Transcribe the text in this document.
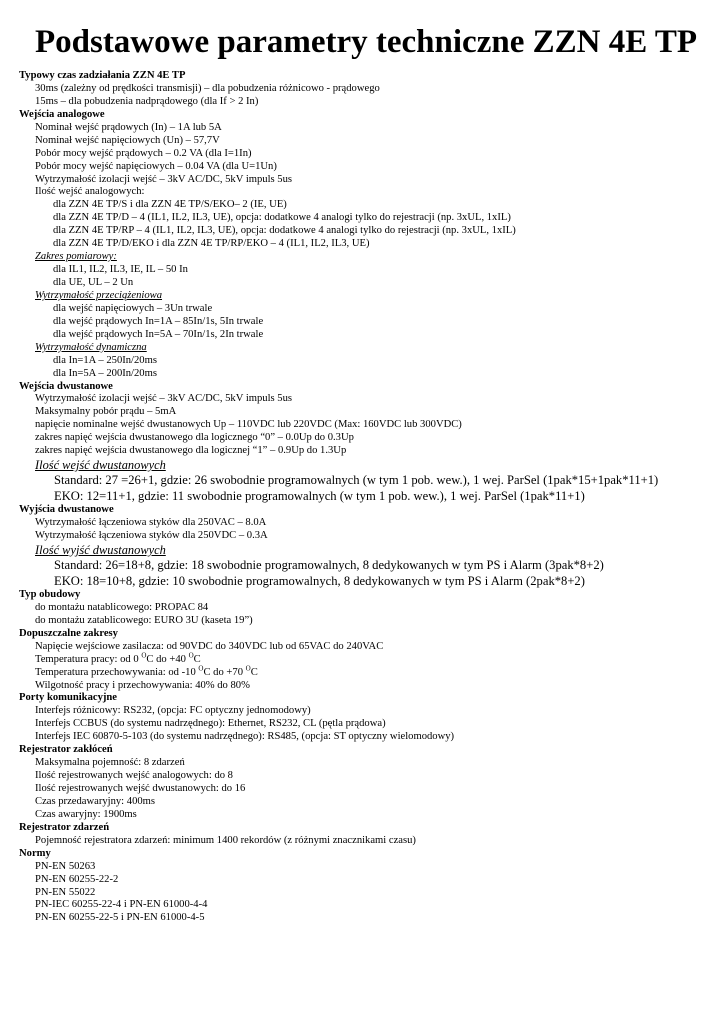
Podstawowe parametry techniczne ZZN 4E TP
Typowy czas zadziałania ZZN 4E TP
30ms (zależny od prędkości transmisji) – dla pobudzenia różnicowo - prądowego
15ms – dla pobudzenia nadprądowego (dla If > 2 In)
Wejścia analogowe
Nominał wejść prądowych (In) – 1A lub 5A
Nominał wejść napięciowych (Un) – 57,7V
Pobór mocy wejść prądowych – 0.2 VA (dla I=1In)
Pobór mocy wejść napięciowych – 0.04 VA (dla U=1Un)
Wytrzymałość izolacji wejść – 3kV AC/DC, 5kV impuls 5us
Ilość wejść analogowych:
dla ZZN 4E TP/S i dla ZZN 4E TP/S/EKO– 2 (IE, UE)
dla ZZN 4E TP/D – 4 (IL1, IL2, IL3, UE), opcja: dodatkowe 4 analogi tylko do rejestracji (np. 3xUL, 1xIL)
dla ZZN 4E TP/RP – 4 (IL1, IL2, IL3, UE), opcja: dodatkowe 4 analogi tylko do rejestracji (np. 3xUL, 1xIL)
dla ZZN 4E TP/D/EKO i dla ZZN 4E TP/RP/EKO – 4 (IL1, IL2, IL3, UE)
Zakres pomiarowy:
dla IL1, IL2, IL3, IE, IL – 50 In
dla UE, UL – 2 Un
Wytrzymałość przeciążeniowa
dla wejść napięciowych – 3Un trwale
dla wejść prądowych In=1A – 85In/1s, 5In trwale
dla wejść prądowych In=5A – 70In/1s, 2In trwale
Wytrzymałość dynamiczna
dla In=1A – 250In/20ms
dla In=5A – 200In/20ms
Wejścia dwustanowe
Wytrzymałość izolacji wejść – 3kV AC/DC, 5kV impuls 5us
Maksymalny pobór prądu – 5mA
napięcie nominalne wejść dwustanowych Up – 110VDC lub 220VDC (Max: 160VDC lub 300VDC)
zakres napięć wejścia dwustanowego dla logicznego “0” – 0.0Up do 0.3Up
zakres napięć wejścia dwustanowego dla logicznej “1” – 0.9Up do 1.3Up
Ilość wejść dwustanowych
Standard: 27 =26+1, gdzie: 26 swobodnie programowalnych (w tym 1 pob. wew.), 1 wej. ParSel (1pak*15+1pak*11+1)
EKO: 12=11+1, gdzie: 11 swobodnie programowalnych (w tym 1 pob. wew.), 1 wej. ParSel (1pak*11+1)
Wyjścia dwustanowe
Wytrzymałość łączeniowa styków dla 250VAC – 8.0A
Wytrzymałość łączeniowa styków dla 250VDC – 0.3A
Ilość wyjść dwustanowych
Standard: 26=18+8, gdzie: 18 swobodnie programowalnych, 8 dedykowanych w tym PS i Alarm (3pak*8+2)
EKO: 18=10+8, gdzie: 10 swobodnie programowalnych, 8 dedykowanych w tym PS i Alarm (2pak*8+2)
Typ obudowy
do montażu natablicowego: PROPAC 84
do montażu zatablicowego: EURO 3U (kaseta 19”)
Dopuszczalne zakresy
Napięcie wejściowe zasilacza: od 90VDC do 340VDC lub od 65VAC do 240VAC
Temperatura pracy: od 0 $^O$C do +40 $^O$C
Temperatura przechowywania: od -10 $^O$C do +70 $^O$C
Wilgotność pracy i przechowywania: 40% do 80%
Porty komunikacyjne
Interfejs różnicowy: RS232, (opcja: FC optyczny jednomodowy)
Interfejs CCBUS (do systemu nadrzędnego): Ethernet, RS232, CL (pętla prądowa)
Interfejs IEC 60870-5-103 (do systemu nadrzędnego): RS485, (opcja: ST optyczny wielomodowy)
Rejestrator zakłóceń
Maksymalna pojemność: 8 zdarzeń
Ilość rejestrowanych wejść analogowych: do 8
Ilość rejestrowanych wejść dwustanowych: do 16
Czas przedawaryjny: 400ms
Czas awaryjny: 1900ms
Rejestrator zdarzeń
Pojemność rejestratora zdarzeń: minimum 1400 rekordów (z różnymi znacznikami czasu)
Normy
PN-EN 50263
PN-EN 60255-22-2
PN-EN 55022
PN-IEC 60255-22-4 i PN-EN 61000-4-4
PN-EN 60255-22-5 i PN-EN 61000-4-5
